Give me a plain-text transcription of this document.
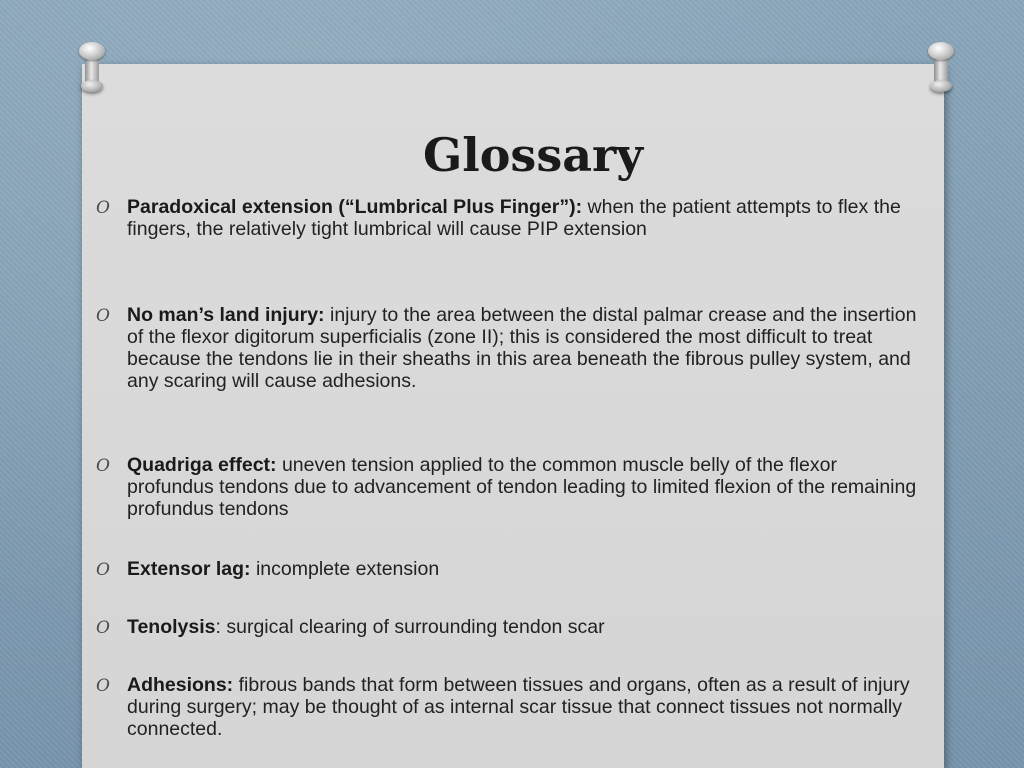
Glossary
O Paradoxical extension (“Lumbrical Plus Finger”): when the patient attempts to flex the fingers, the relatively tight lumbrical will cause PIP extension
O No man’s land injury: injury to the area between the distal palmar crease and the insertion of the flexor digitorum superficialis (zone II); this is considered the most difficult to treat because the tendons lie in their sheaths in this area beneath the fibrous pulley system, and any scaring will cause adhesions.
O Quadriga effect: uneven tension applied to the common muscle belly of the flexor profundus tendons due to advancement of tendon leading to limited flexion of the remaining profundus tendons
O Extensor lag: incomplete extension
O Tenolysis: surgical clearing of surrounding tendon scar
O Adhesions: fibrous bands that form between tissues and organs, often as a result of injury during surgery; may be thought of as internal scar tissue that connect tissues not normally connected.
